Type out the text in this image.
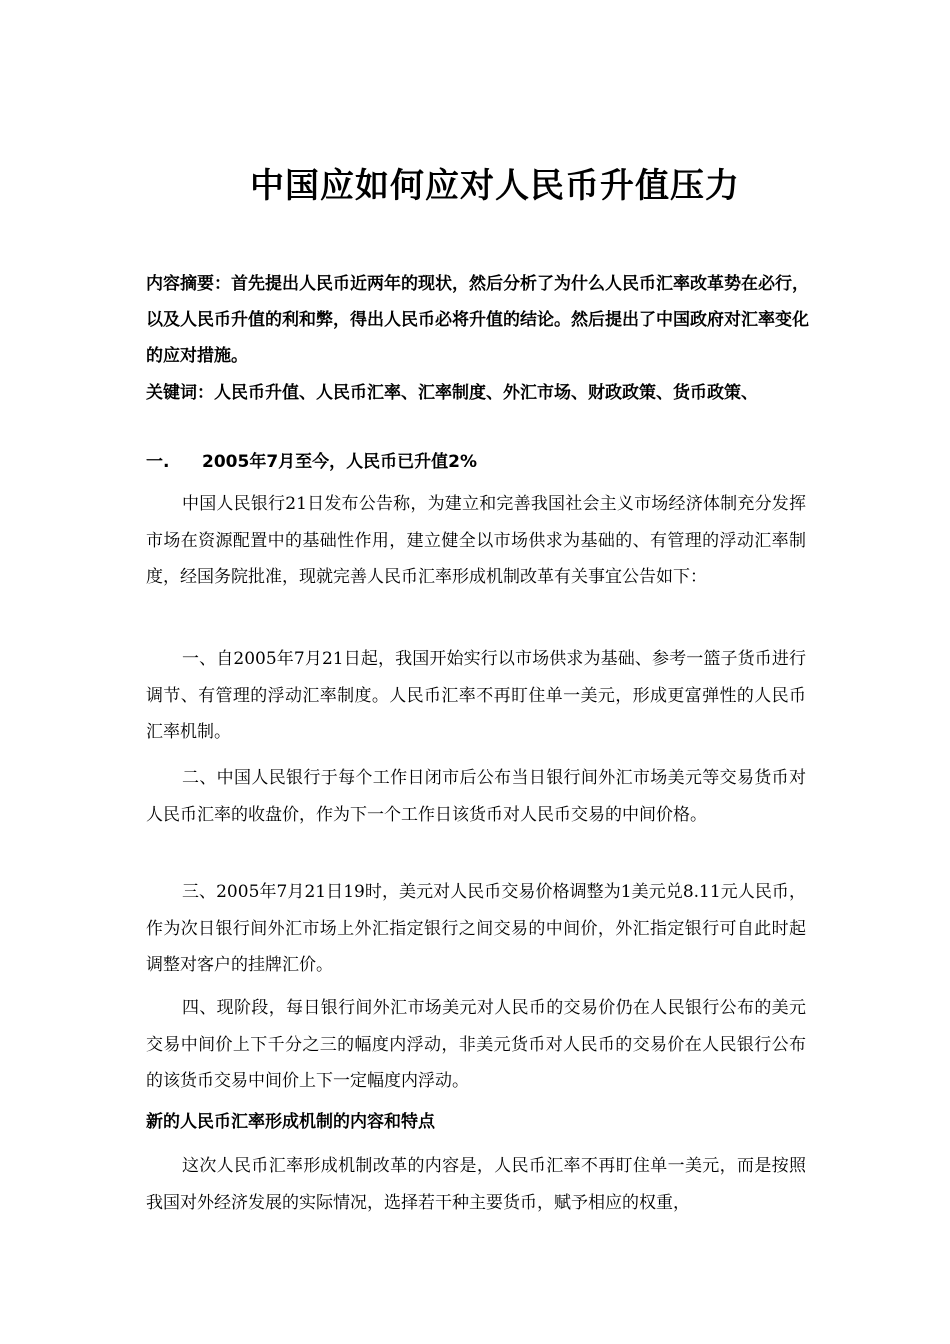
中国应如何应对人民币升值压力
内容摘要：首先提出人民币近两年的现状，然后分析了为什么人民币汇率改革势在必行，以及人民币升值的利和弊，得出人民币必将升值的结论。然后提出了中国政府对汇率变化的应对措施。
关键词：人民币升值、人民币汇率、汇率制度、外汇市场、财政政策、货币政策、
一. 2005年7月至今，人民币已升值2%
中国人民银行21日发布公告称，为建立和完善我国社会主义市场经济体制充分发挥市场在资源配置中的基础性作用，建立健全以市场供求为基础的、有管理的浮动汇率制度，经国务院批准，现就完善人民币汇率形成机制改革有关事宜公告如下：
一、自2005年7月21日起，我国开始实行以市场供求为基础、参考一篮子货币进行调节、有管理的浮动汇率制度。人民币汇率不再盯住单一美元，形成更富弹性的人民币汇率机制。
二、中国人民银行于每个工作日闭市后公布当日银行间外汇市场美元等交易货币对人民币汇率的收盘价，作为下一个工作日该货币对人民币交易的中间价格。
三、2005年7月21日19时，美元对人民币交易价格调整为1美元兑8.11元人民币，作为次日银行间外汇市场上外汇指定银行之间交易的中间价，外汇指定银行可自此时起调整对客户的挂牌汇价。
四、现阶段，每日银行间外汇市场美元对人民币的交易价仍在人民银行公布的美元交易中间价上下千分之三的幅度内浮动，非美元货币对人民币的交易价在人民银行公布的该货币交易中间价上下一定幅度内浮动。
新的人民币汇率形成机制的内容和特点
这次人民币汇率形成机制改革的内容是，人民币汇率不再盯住单一美元，而是按照我国对外经济发展的实际情况，选择若干种主要货币，赋予相应的权重，
